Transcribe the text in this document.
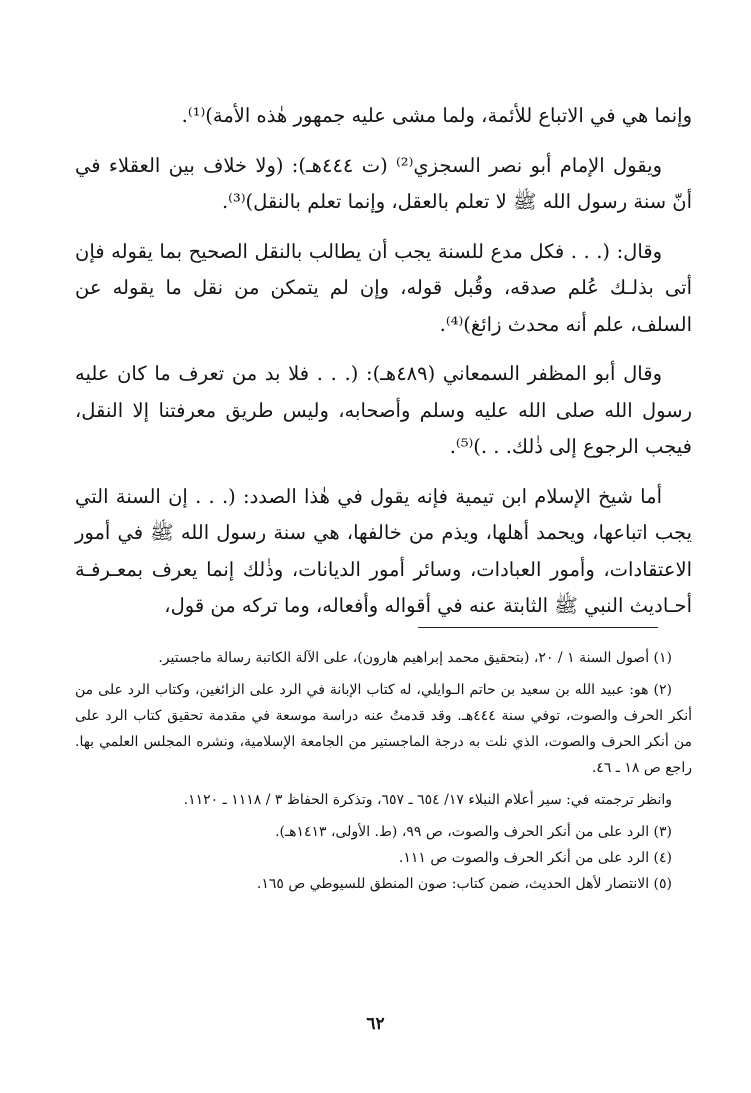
وإنما هي في الاتباع للأئمة، ولما مشى عليه جمهور هٰذه الأمة)⁽¹⁾.

ويقول الإمام أبو نصر السجزي⁽²⁾ (ت ٤٤٤هـ): (ولا خلاف بين العقلاء في أنّ سنة رسول الله ﷺ لا تعلم بالعقل، وإنما تعلم بالنقل)⁽³⁾.

وقال: (. . . فكل مدع للسنة يجب أن يطالب بالنقل الصحيح بما يقوله فإن أتى بذلـك عُلم صدقه، وقُبل قوله، وإن لم يتمكن من نقل ما يقوله عن السلف، علم أنه محدث زائغ)⁽⁴⁾.

وقال أبو المظفر السمعاني (٤٨٩هـ): (. . . فلا بد من تعرف ما كان عليه رسول الله صلى الله عليه وسلم وأصحابه، وليس طريق معرفتنا إلا النقل، فيجب الرجوع إلى ذٰلك. . .)⁽⁵⁾.

أما شيخ الإسلام ابن تيمية فإنه يقول في هٰذا الصدد: (. . . إن السنة التي يجب اتباعها، ويحمد أهلها، ويذم من خالفها، هي سنة رسول الله ﷺ في أمور الاعتقادات، وأمور العبادات، وسائر أمور الديانات، وذٰلك إنما يعرف بمعـرفـة أحـاديث النبي ﷺ الثابتة عنه في أقواله وأفعاله، وما تركه من قول،

(١) أصول السنة ١ / ٢٠، (بتحقيق محمد إبراهيم هارون)، على الآلة الكاتبة رسالة ماجستير.

(٢) هو: عبيد الله بن سعيد بن حاتم الـوايلي، له كتاب الإبانة في الرد على الزائغين، وكتاب الرد على من أنكر الحرف والصوت، توفي سنة ٤٤٤هـ. وقد قدمتُ عنه دراسة موسعة في مقدمة تحقيق كتاب الرد على من أنكر الحرف والصوت، الذي نلت به درجة الماجستير من الجامعة الإسلامية، ونشره المجلس العلمي بها. راجع ص ١٨ ـ ٤٦.

وانظر ترجمته في: سير أعلام النبلاء ١٧/ ٦٥٤ ـ ٦٥٧، وتذكرة الحفاظ ٣ / ١١١٨ ـ ١١٢٠.

(٣) الرد على من أنكر الحرف والصوت، ص ٩٩، (ط. الأولى، ١٤١٣هـ).

(٤) الرد على من أنكر الحرف والصوت ص ١١١.

(٥) الانتصار لأهل الحديث، ضمن كتاب: صون المنطق للسيوطي ص ١٦٥.

٦٢
